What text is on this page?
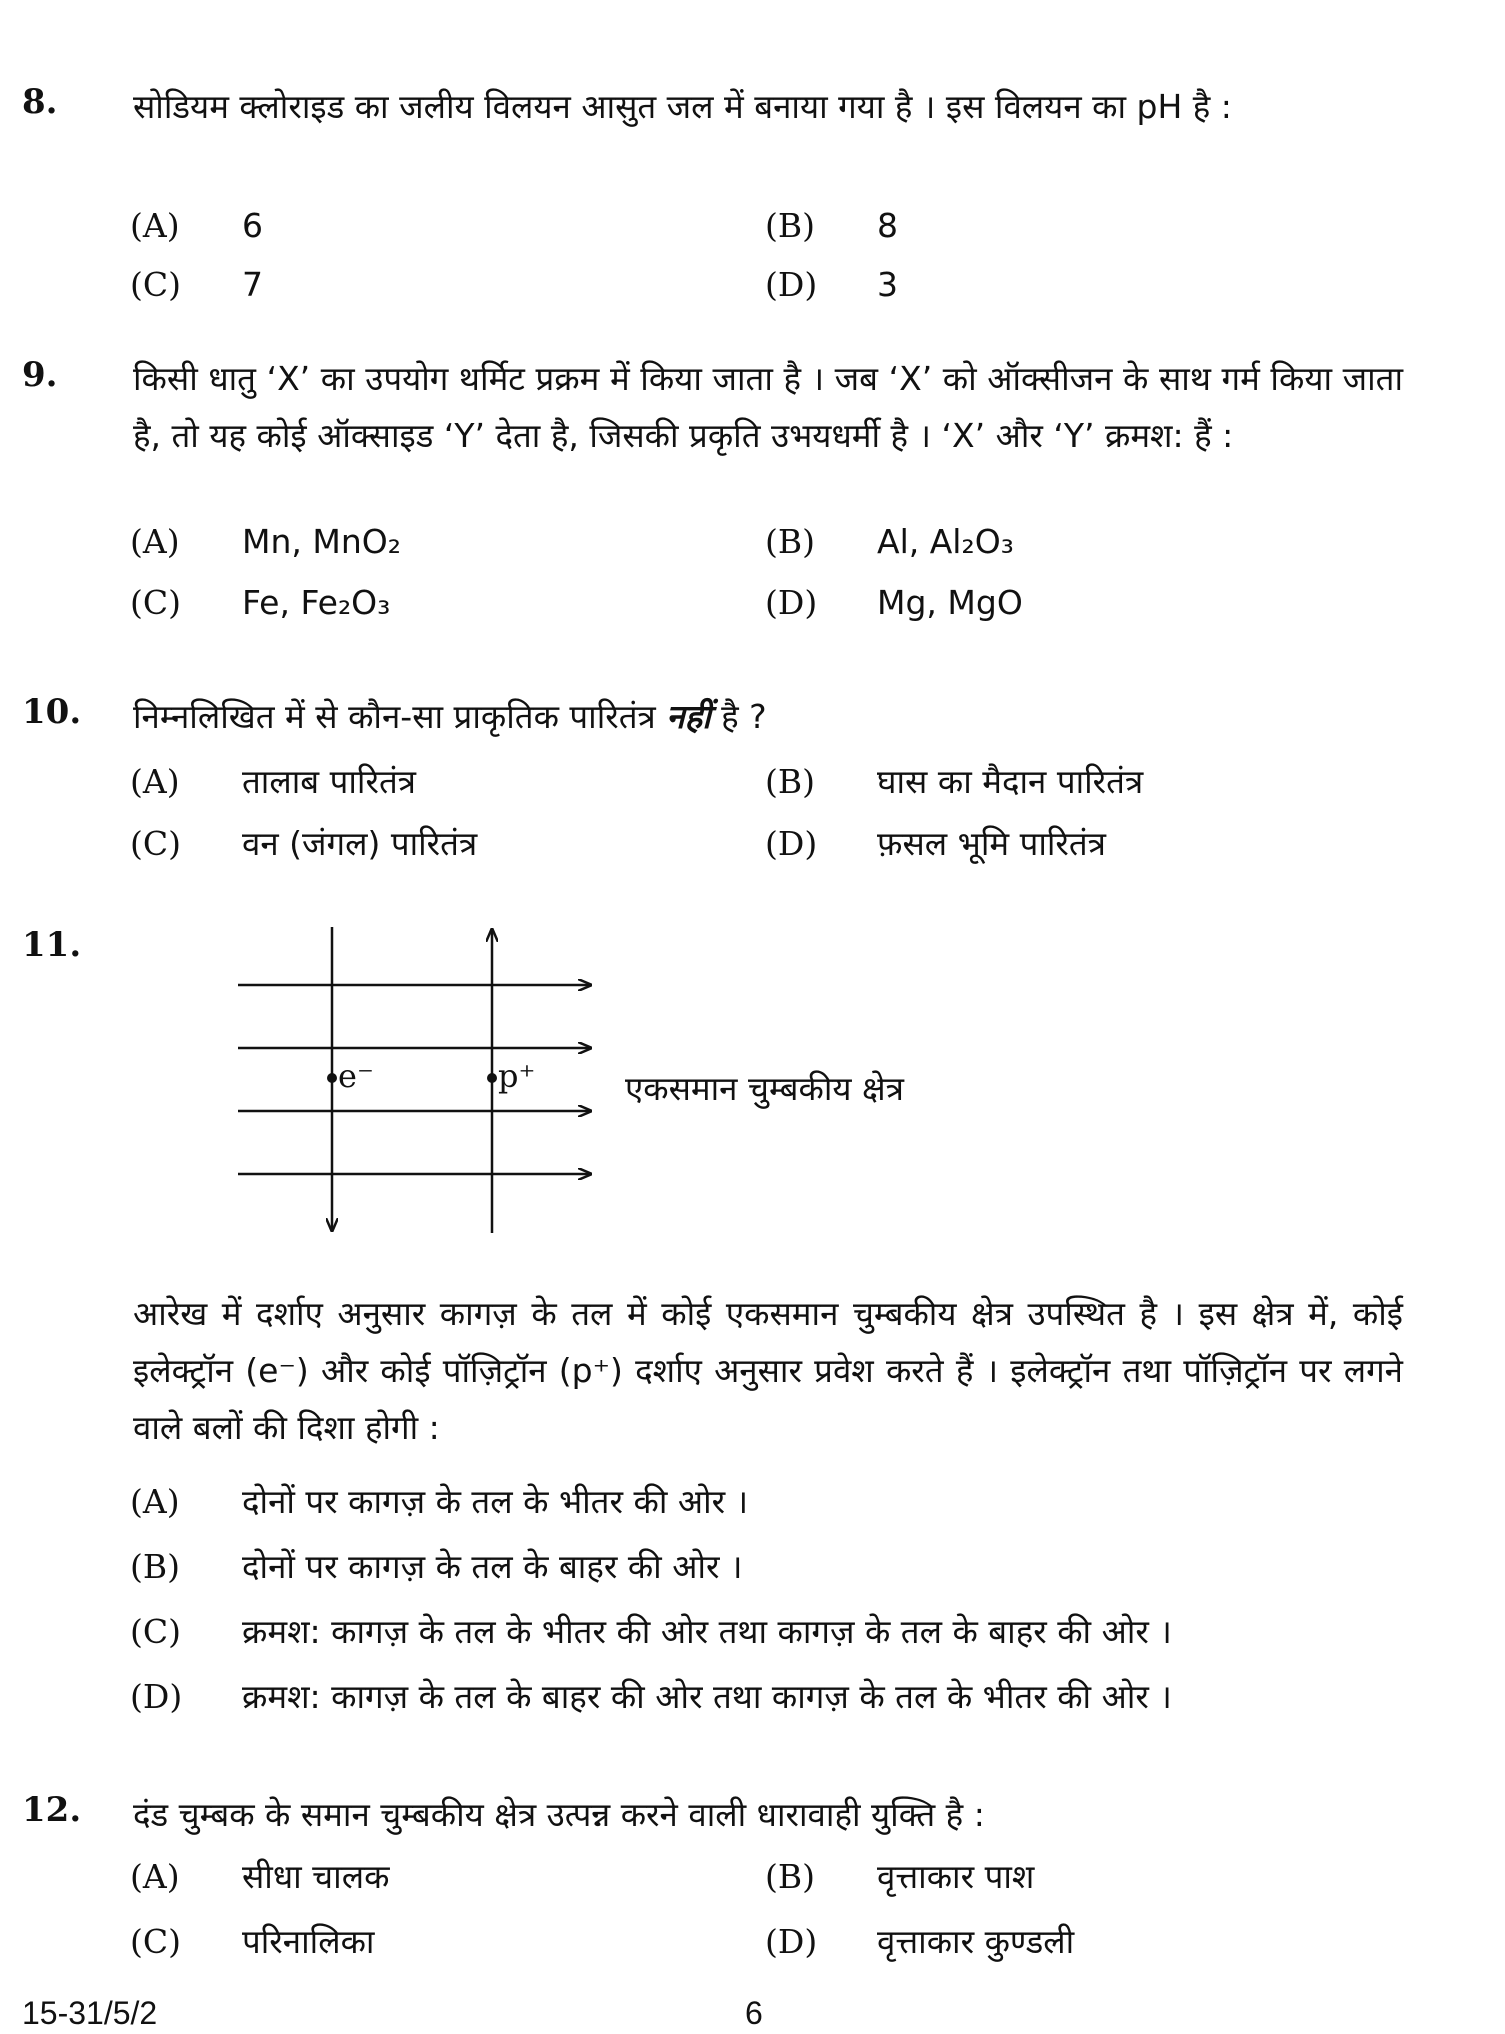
8. सोडियम क्लोराइड का जलीय विलयन आसुत जल में बनाया गया है । इस विलयन का pH है :
(A) 6	(B) 8
(C) 7	(D) 3
9. किसी धातु ‘X’ का उपयोग थर्मिट प्रक्रम में किया जाता है । जब ‘X’ को ऑक्सीजन के साथ गर्म किया जाता है, तो यह कोई ऑक्साइड ‘Y’ देता है, जिसकी प्रकृति उभयधर्मी है । ‘X’ और ‘Y’ क्रमश: हैं :
(A) Mn, MnO₂	(B) Al, Al₂O₃
(C) Fe, Fe₂O₃	(D) Mg, MgO
10. निम्नलिखित में से कौन-सा प्राकृतिक पारितंत्र नहीं है ?
(A) तालाब पारितंत्र	(B) घास का मैदान पारितंत्र
(C) वन (जंगल) पारितंत्र	(D) फ़सल भूमि पारितंत्र
11.
e⁻	p⁺	एकसमान चुम्बकीय क्षेत्र
आरेख में दर्शाए अनुसार कागज़ के तल में कोई एकसमान चुम्बकीय क्षेत्र उपस्थित है । इस क्षेत्र में, कोई इलेक्ट्रॉन (e⁻) और कोई पॉज़िट्रॉन (p⁺) दर्शाए अनुसार प्रवेश करते हैं । इलेक्ट्रॉन तथा पॉज़िट्रॉन पर लगने वाले बलों की दिशा होगी :
(A) दोनों पर कागज़ के तल के भीतर की ओर ।
(B) दोनों पर कागज़ के तल के बाहर की ओर ।
(C) क्रमश: कागज़ के तल के भीतर की ओर तथा कागज़ के तल के बाहर की ओर ।
(D) क्रमश: कागज़ के तल के बाहर की ओर तथा कागज़ के तल के भीतर की ओर ।
12. दंड चुम्बक के समान चुम्बकीय क्षेत्र उत्पन्न करने वाली धारावाही युक्ति है :
(A) सीधा चालक	(B) वृत्ताकार पाश
(C) परिनालिका	(D) वृत्ताकार कुण्डली
15-31/5/2	6
